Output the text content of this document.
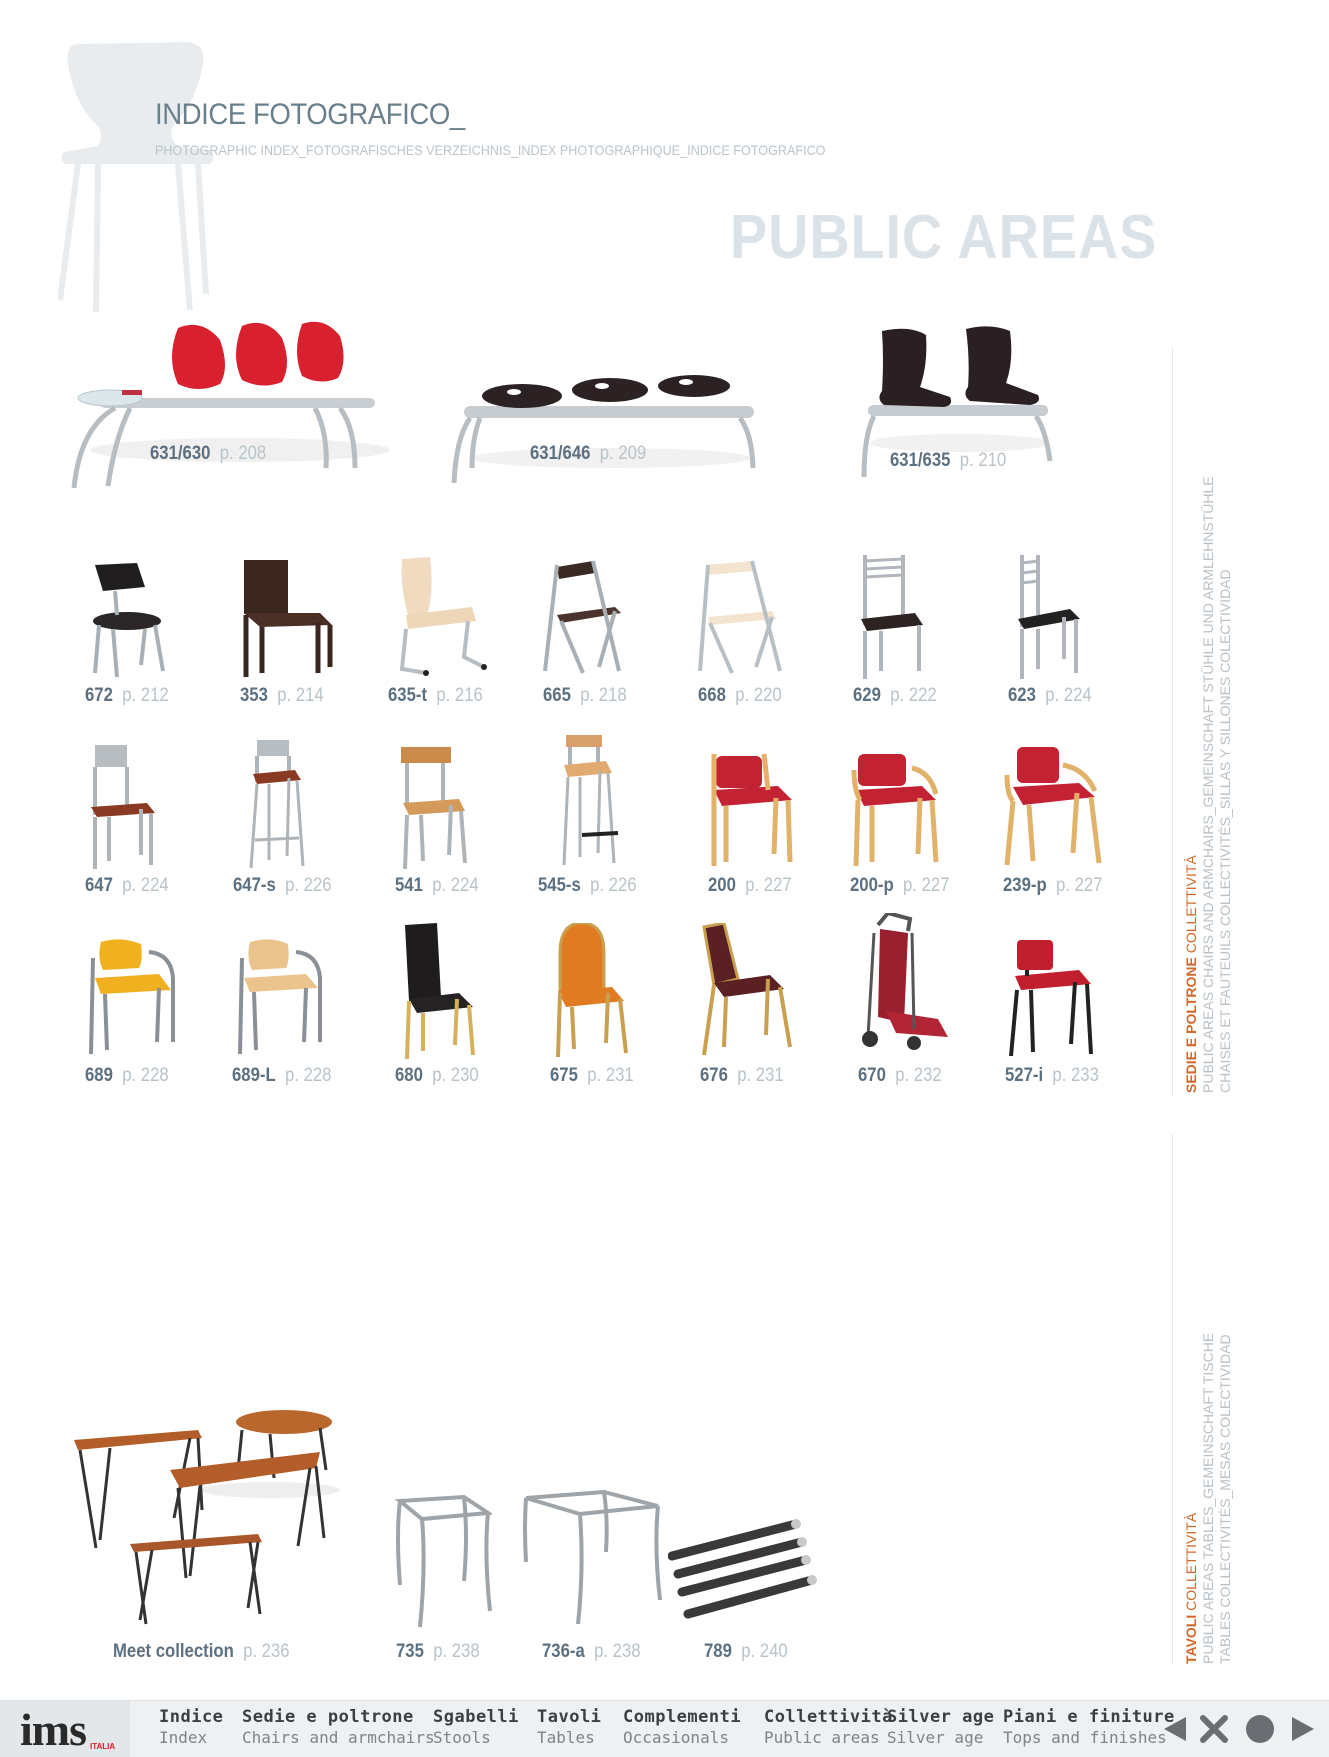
INDICE FOTOGRAFICO_
PHOTOGRAPHIC INDEX_FOTOGRAFISCHES VERZEICHNIS_INDEX PHOTOGRAPHIQUE_INDICE FOTOGRAFICO
PUBLIC AREAS
SEDIE E POLTRONE COLLETTIVITÀ PUBLIC AREAS CHAIRS AND ARMCHAIRS_GEMEINSCHAFT STÜHLE UND ARMLEHNSTÜHLE CHAISES ET FAUTEUILS COLLECTIVITÉS_SILLAS Y SILLONES COLECTIVIDAD
TAVOLI COLLETTIVITÀ PUBLIC AREAS TABLES_GEMEINSCHAFT TISCHE TABLES COLLECTIVITÉS_MESAS COLECTIVIDAD
631/630 p. 208	631/646 p. 209	631/635 p. 210
672 p. 212	353 p. 214	635-t p. 216	665 p. 218	668 p. 220	629 p. 222	623 p. 224
647 p. 224	647-s p. 226	541 p. 224	545-s p. 226	200 p. 227	200-p p. 227	239-p p. 227
689 p. 228	689-L p. 228	680 p. 230	675 p. 231	676 p. 231	670 p. 232	527-i p. 233
Meet collection p. 236	735 p. 238	736-a p. 238	789 p. 240
ims ITALIA
Indice
Index
Sedie e poltrone
Chairs and armchairs
Sgabelli
Stools
Tavoli
Tables
Complementi
Occasionals
Collettività
Public areas
Silver age
Silver age
Piani e finiture
Tops and finishes
